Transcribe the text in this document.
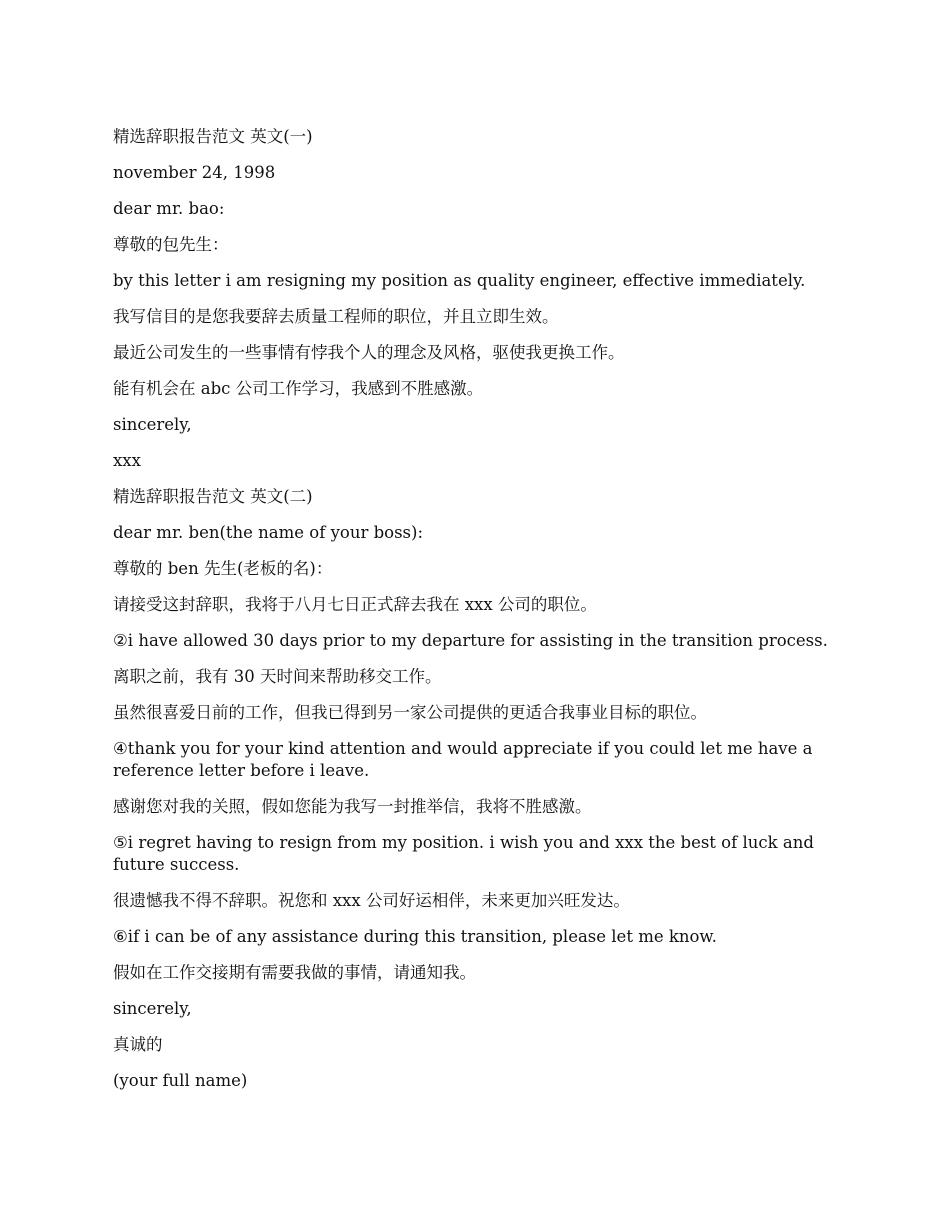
精选辞职报告范文 英文(一)

november 24, 1998

dear mr. bao:

尊敬的包先生：

by this letter i am resigning my position as quality engineer, effective immediately.

我写信目的是您我要辞去质量工程师的职位，并且立即生效。

最近公司发生的一些事情有悖我个人的理念及风格，驱使我更换工作。

能有机会在 abc 公司工作学习，我感到不胜感激。

sincerely,

xxx

精选辞职报告范文 英文(二)

dear mr. ben(the name of your boss):

尊敬的 ben 先生(老板的名)：

请接受这封辞职，我将于八月七日正式辞去我在 xxx 公司的职位。

②i have allowed 30 days prior to my departure for assisting in the transition process.

离职之前，我有 30 天时间来帮助移交工作。

虽然很喜爱日前的工作，但我已得到另一家公司提供的更适合我事业目标的职位。

④thank you for your kind attention and would appreciate if you could let me have a reference letter before i leave.

感谢您对我的关照，假如您能为我写一封推举信，我将不胜感激。

⑤i regret having to resign from my position. i wish you and xxx the best of luck and future success.

很遗憾我不得不辞职。祝您和 xxx 公司好运相伴，未来更加兴旺发达。

⑥if i can be of any assistance during this transition, please let me know.

假如在工作交接期有需要我做的事情，请通知我。

sincerely,

真诚的

(your full name)
